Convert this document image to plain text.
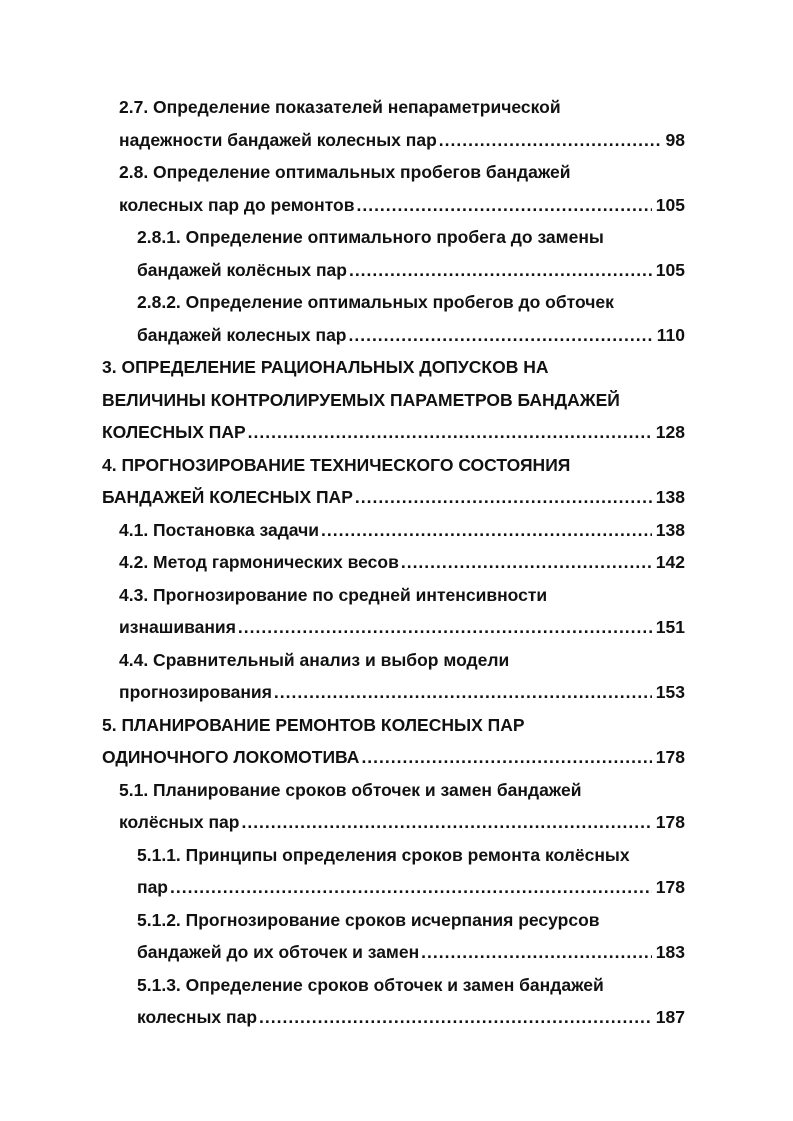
2.7. Определение показателей непараметрической
надежности бандажей колесных пар .....	98
2.8. Определение оптимальных пробегов бандажей
колесных пар до ремонтов .....	105
2.8.1. Определение оптимального пробега до замены
бандажей колёсных пар .....	105
2.8.2. Определение оптимальных пробегов до обточек
бандажей колесных пар .....	110
3. ОПРЕДЕЛЕНИЕ РАЦИОНАЛЬНЫХ ДОПУСКОВ НА
ВЕЛИЧИНЫ КОНТРОЛИРУЕМЫХ ПАРАМЕТРОВ БАНДАЖЕЙ
КОЛЕСНЫХ ПАР .....	128
4. ПРОГНОЗИРОВАНИЕ ТЕХНИЧЕСКОГО СОСТОЯНИЯ
БАНДАЖЕЙ КОЛЕСНЫХ ПАР .....	138
4.1. Постановка задачи .....	138
4.2. Метод гармонических весов .....	142
4.3. Прогнозирование по средней интенсивности
изнашивания .....	151
4.4. Сравнительный анализ и выбор модели
прогнозирования .....	153
5. ПЛАНИРОВАНИЕ РЕМОНТОВ КОЛЕСНЫХ ПАР
ОДИНОЧНОГО ЛОКОМОТИВА .....	178
5.1. Планирование сроков обточек и замен бандажей
колёсных пар .....	178
5.1.1. Принципы определения сроков ремонта колёсных
пар .....	178
5.1.2. Прогнозирование сроков исчерпания ресурсов
бандажей до их обточек и замен .....	183
5.1.3. Определение сроков обточек и замен бандажей
колесных пар .....	187
